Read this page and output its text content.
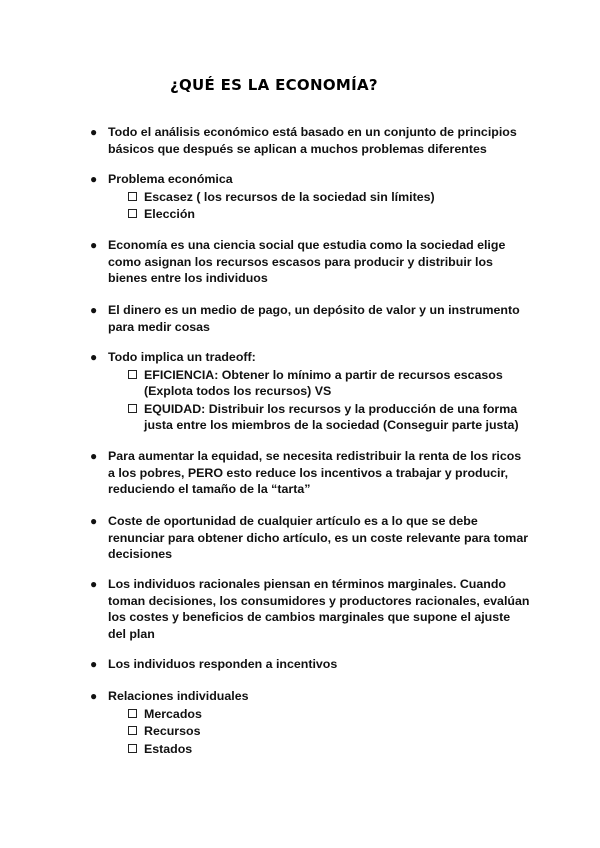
¿QUÉ ES LA ECONOMÍA?
● Todo el análisis económico está basado en un conjunto de principios básicos que después se aplican a muchos problemas diferentes
● Problema económica
Escasez ( los recursos de la sociedad sin límites)
Elección
● Economía es una ciencia social que estudia como la sociedad elige como asignan los recursos escasos para producir y distribuir los bienes entre los individuos
● El dinero es un medio de pago, un depósito de valor y un instrumento para medir cosas
● Todo implica un tradeoff:
EFICIENCIA: Obtener lo mínimo a partir de recursos escasos (Explota todos los recursos) VS
EQUIDAD: Distribuir los recursos y la producción de una forma justa entre los miembros de la sociedad (Conseguir parte justa)
● Para aumentar la equidad, se necesita redistribuir la renta de los ricos a los pobres, PERO esto reduce los incentivos a trabajar y producir, reduciendo el tamaño de la “tarta”
● Coste de oportunidad de cualquier artículo es a lo que se debe renunciar para obtener dicho artículo, es un coste relevante para tomar decisiones
● Los individuos racionales piensan en términos marginales. Cuando toman decisiones, los consumidores y productores racionales, evalúan los costes y beneficios de cambios marginales que supone el ajuste del plan
● Los individuos responden a incentivos
● Relaciones individuales
Mercados
Recursos
Estados
